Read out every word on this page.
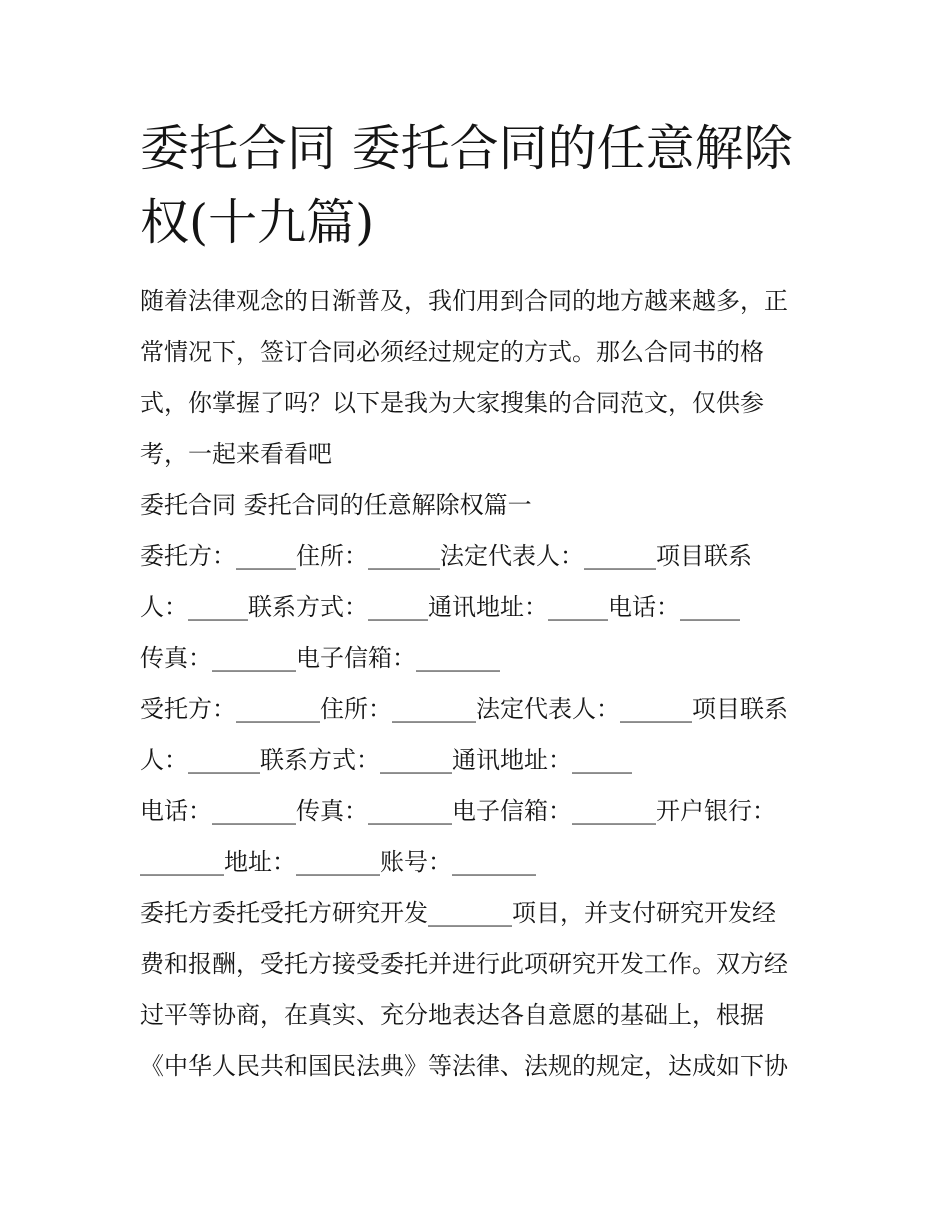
委托合同 委托合同的任意解除
权(十九篇)
随着法律观念的日渐普及，我们用到合同的地方越来越多，正
常情况下，签订合同必须经过规定的方式。那么合同书的格
式，你掌握了吗？以下是我为大家搜集的合同范文，仅供参
考，一起来看看吧
委托合同 委托合同的任意解除权篇一
委托方：_____住所：______法定代表人：______项目联系
人：_____联系方式：_____通讯地址：_____电话：_____
传真：_______电子信箱：_______
受托方：_______住所：_______法定代表人：______项目联系
人：______联系方式：______通讯地址：_____
电话：_______传真：_______电子信箱：_______开户银行：
_______地址：_______账号：_______
委托方委托受托方研究开发_______项目，并支付研究开发经
费和报酬，受托方接受委托并进行此项研究开发工作。双方经
过平等协商，在真实、充分地表达各自意愿的基础上，根据
《中华人民共和国民法典》等法律、法规的规定，达成如下协
